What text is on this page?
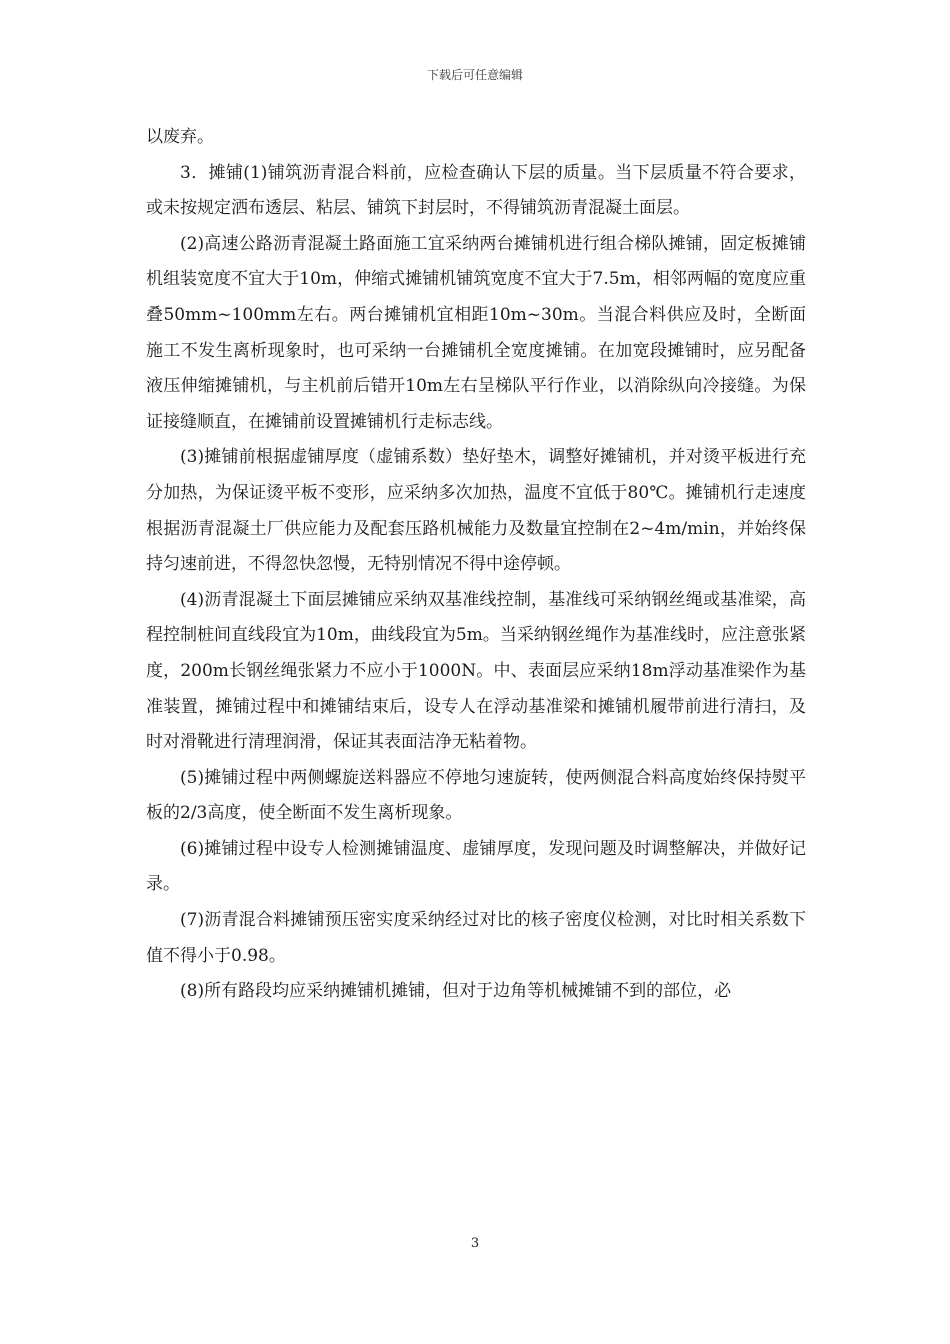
下载后可任意编辑

以废弃。

3．摊铺(1)铺筑沥青混合料前，应检查确认下层的质量。当下层质量不符合要求，或未按规定洒布透层、粘层、铺筑下封层时，不得铺筑沥青混凝土面层。

(2)高速公路沥青混凝土路面施工宜采纳两台摊铺机进行组合梯队摊铺，固定板摊铺机组装宽度不宜大于10m，伸缩式摊铺机铺筑宽度不宜大于7.5m，相邻两幅的宽度应重叠50mm~100mm左右。两台摊铺机宜相距10m~30m。当混合料供应及时，全断面施工不发生离析现象时，也可采纳一台摊铺机全宽度摊铺。在加宽段摊铺时，应另配备液压伸缩摊铺机，与主机前后错开10m左右呈梯队平行作业，以消除纵向冷接缝。为保证接缝顺直，在摊铺前设置摊铺机行走标志线。

(3)摊铺前根据虚铺厚度（虚铺系数）垫好垫木，调整好摊铺机，并对烫平板进行充分加热，为保证烫平板不变形，应采纳多次加热，温度不宜低于80℃。摊铺机行走速度根据沥青混凝土厂供应能力及配套压路机械能力及数量宜控制在2~4m/min，并始终保持匀速前进，不得忽快忽慢，无特别情况不得中途停顿。

(4)沥青混凝土下面层摊铺应采纳双基准线控制，基准线可采纳钢丝绳或基准梁，高程控制桩间直线段宜为10m，曲线段宜为5m。当采纳钢丝绳作为基准线时，应注意张紧度，200m长钢丝绳张紧力不应小于1000N。中、表面层应采纳18m浮动基准梁作为基准装置，摊铺过程中和摊铺结束后，设专人在浮动基准梁和摊铺机履带前进行清扫，及时对滑靴进行清理润滑，保证其表面洁净无粘着物。

(5)摊铺过程中两侧螺旋送料器应不停地匀速旋转，使两侧混合料高度始终保持熨平板的2/3高度，使全断面不发生离析现象。

(6)摊铺过程中设专人检测摊铺温度、虚铺厚度，发现问题及时调整解决，并做好记录。

(7)沥青混合料摊铺预压密实度采纳经过对比的核子密度仪检测，对比时相关系数下值不得小于0.98。

(8)所有路段均应采纳摊铺机摊铺，但对于边角等机械摊铺不到的部位，必

3
